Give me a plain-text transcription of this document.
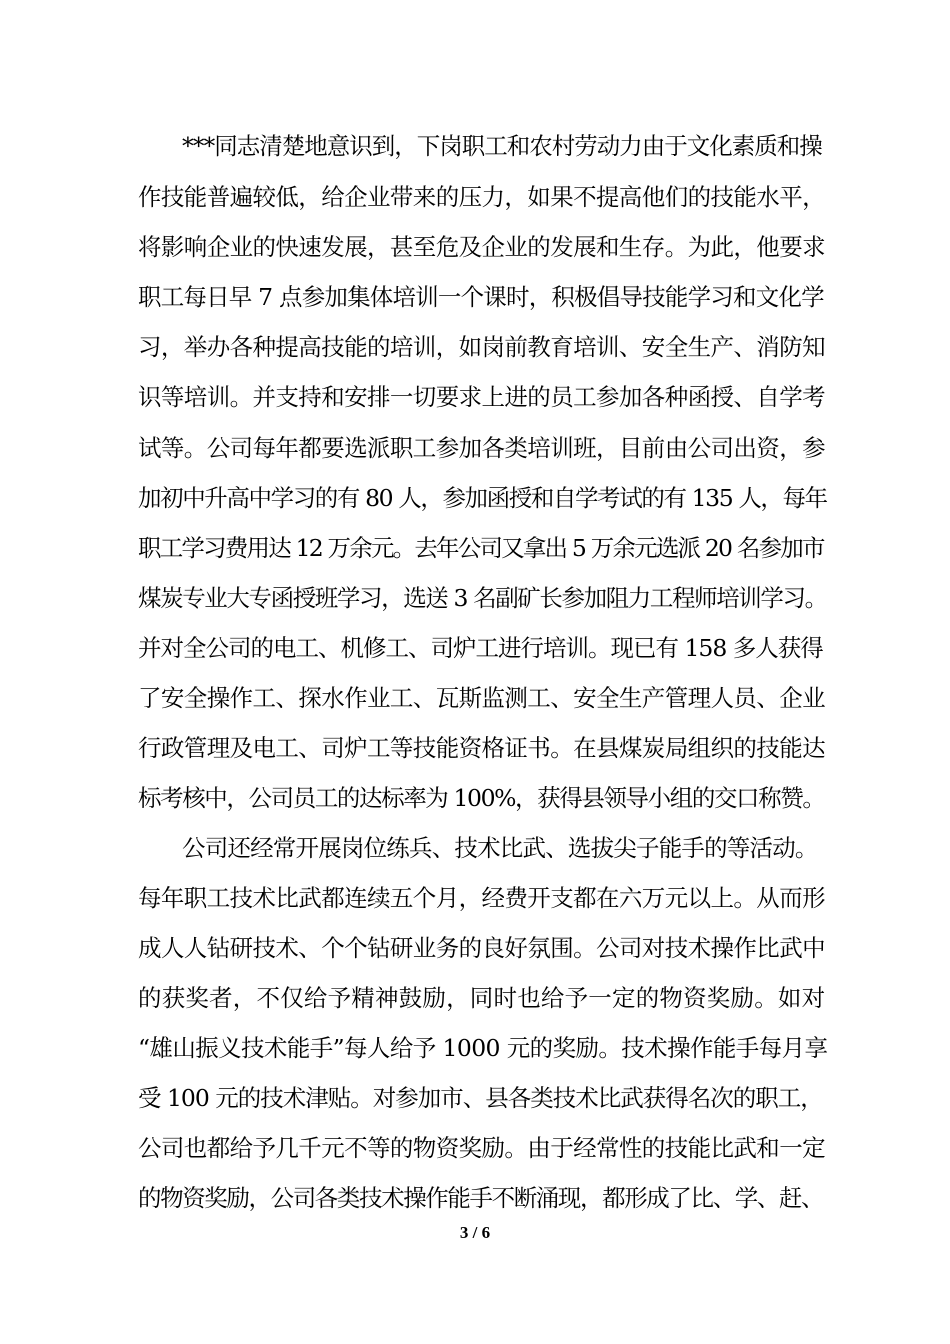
***同志清楚地意识到，下岗职工和农村劳动力由于文化素质和操
作技能普遍较低，给企业带来的压力，如果不提高他们的技能水平，
将影响企业的快速发展，甚至危及企业的发展和生存。为此，他要求
职工每日早 7 点参加集体培训一个课时，积极倡导技能学习和文化学
习，举办各种提高技能的培训，如岗前教育培训、安全生产、消防知
识等培训。并支持和安排一切要求上进的员工参加各种函授、自学考
试等。公司每年都要选派职工参加各类培训班，目前由公司出资，参
加初中升高中学习的有 80 人，参加函授和自学考试的有 135 人，每年
职工学习费用达 12 万余元。去年公司又拿出 5 万余元选派 20 名参加市
煤炭专业大专函授班学习，选送 3 名副矿长参加阻力工程师培训学习。
并对全公司的电工、机修工、司炉工进行培训。现已有 158 多人获得
了安全操作工、探水作业工、瓦斯监测工、安全生产管理人员、企业
行政管理及电工、司炉工等技能资格证书。在县煤炭局组织的技能达
标考核中，公司员工的达标率为 100%，获得县领导小组的交口称赞。
公司还经常开展岗位练兵、技术比武、选拔尖子能手的等活动。
每年职工技术比武都连续五个月，经费开支都在六万元以上。从而形
成人人钻研技术、个个钻研业务的良好氛围。公司对技术操作比武中
的获奖者，不仅给予精神鼓励，同时也给予一定的物资奖励。如对
“雄山振义技术能手”每人给予 1000 元的奖励。技术操作能手每月享
受 100 元的技术津贴。对参加市、县各类技术比武获得名次的职工，
公司也都给予几千元不等的物资奖励。由于经常性的技能比武和一定
的物资奖励，公司各类技术操作能手不断涌现，都形成了比、学、赶、
3 / 6
